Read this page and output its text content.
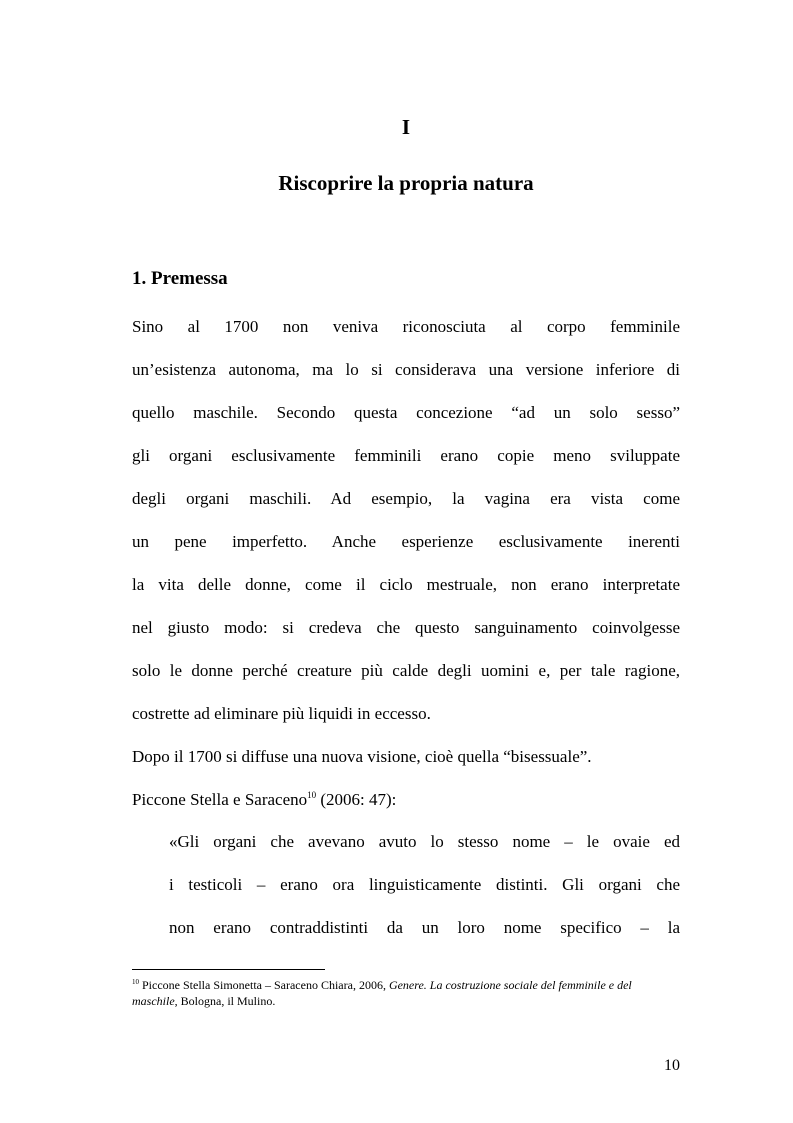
I
Riscoprire la propria natura
1. Premessa
Sino al 1700 non veniva riconosciuta al corpo femminile
un’esistenza autonoma, ma lo si considerava una versione inferiore di
quello maschile. Secondo questa concezione “ad un solo sesso”
gli organi esclusivamente femminili erano copie meno sviluppate
degli organi maschili. Ad esempio, la vagina era vista come
un pene imperfetto. Anche esperienze esclusivamente inerenti
la vita delle donne, come il ciclo mestruale, non erano interpretate
nel giusto modo: si credeva che questo sanguinamento coinvolgesse
solo le donne perché creature più calde degli uomini e, per tale ragione,
costrette ad eliminare più liquidi in eccesso.
Dopo il 1700 si diffuse una nuova visione, cioè quella “bisessuale”.
Piccone Stella e Saraceno$^{10}$ (2006: 47):
«Gli organi che avevano avuto lo stesso nome – le ovaie ed
i testicoli – erano ora linguisticamente distinti. Gli organi che
non erano contraddistinti da un loro nome specifico – la
$^{10}$ Piccone Stella Simonetta – Saraceno Chiara, 2006, Genere. La costruzione sociale del femminile e del maschile, Bologna, il Mulino.
10
